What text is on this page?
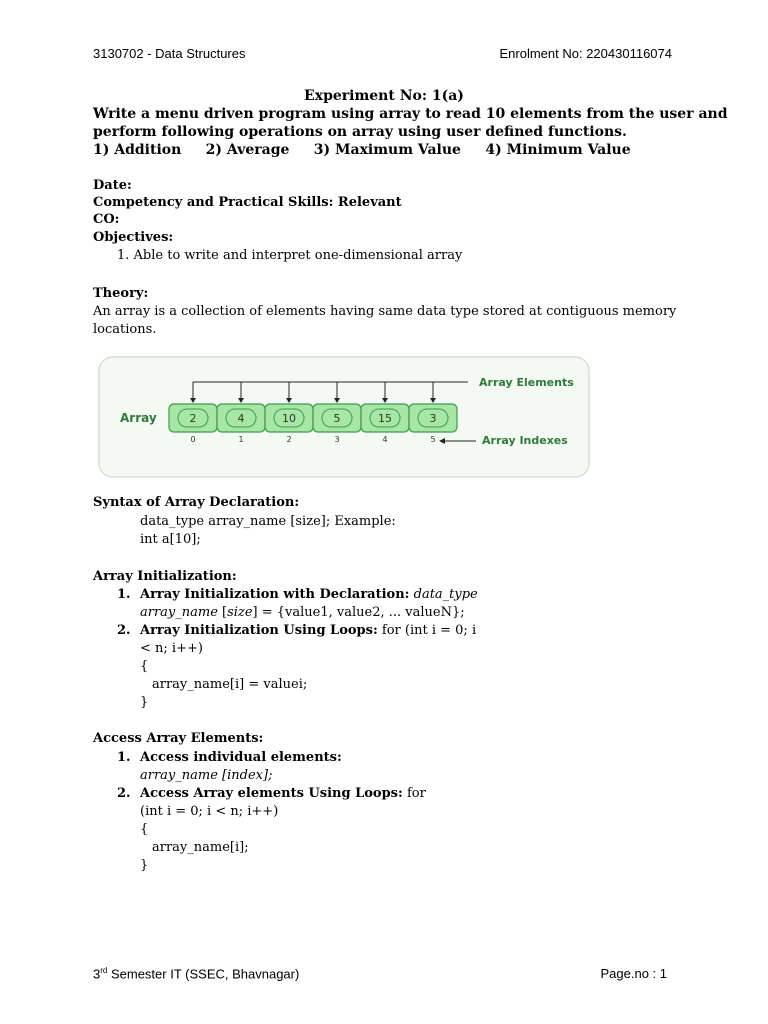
3130702 - Data Structures	Enrolment No: 220430116074
Experiment No: 1(a)
Write a menu driven program using array to read 10 elements from the user and
perform following operations on array using user defined functions.
1) Addition     2) Average     3) Maximum Value     4) Minimum Value
Date:
Competency and Practical Skills: Relevant
CO:
Objectives:
1. Able to write and interpret one-dimensional array
Theory:
An array is a collection of elements having same data type stored at contiguous memory
locations.
Array
Array Elements
Array Indexes
2
0
4
1
10
2
5
3
15
4
3
5
Syntax of Array Declaration:
data_type array_name [size]; Example:
int a[10];
Array Initialization:
1. Array Initialization with Declaration: data_type
array_name [size] = {value1, value2, ... valueN};
2. Array Initialization Using Loops: for (int i = 0; i
< n; i++)
{
array_name[i] = valuei;
}
Access Array Elements:
1. Access individual elements:
array_name [index];
2. Access Array elements Using Loops: for
(int i = 0; i < n; i++)
{
array_name[i];
}
3rd Semester IT (SSEC, Bhavnagar)	Page.no : 1
